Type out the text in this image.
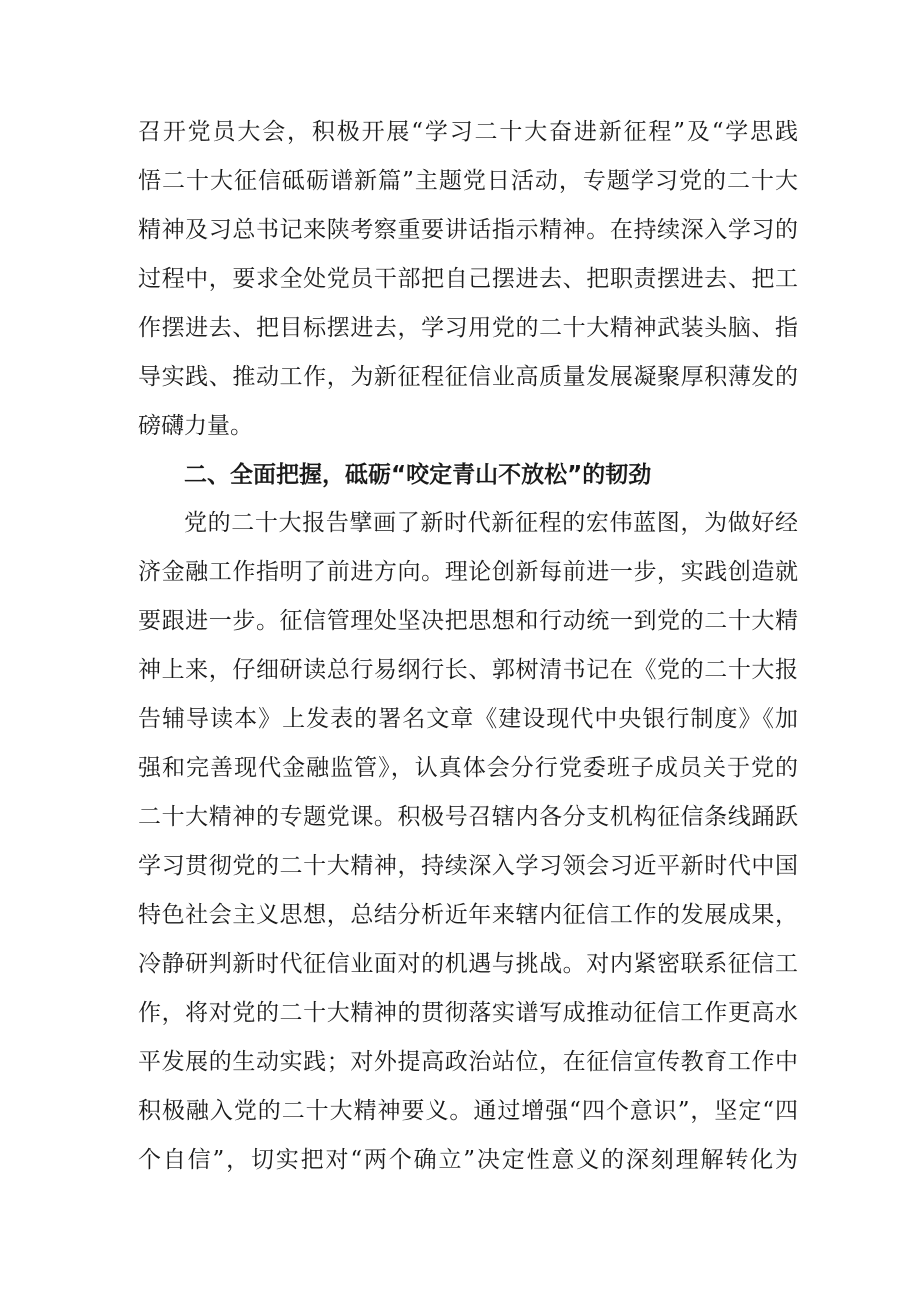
召开党员大会，积极开展“学习二十大奋进新征程”及“学思践
悟二十大征信砥砺谱新篇”主题党日活动，专题学习党的二十大
精神及习总书记来陕考察重要讲话指示精神。在持续深入学习的
过程中，要求全处党员干部把自己摆进去、把职责摆进去、把工
作摆进去、把目标摆进去，学习用党的二十大精神武装头脑、指
导实践、推动工作，为新征程征信业高质量发展凝聚厚积薄发的
磅礴力量。
二、全面把握，砥砺“咬定青山不放松”的韧劲
党的二十大报告擘画了新时代新征程的宏伟蓝图，为做好经
济金融工作指明了前进方向。理论创新每前进一步，实践创造就
要跟进一步。征信管理处坚决把思想和行动统一到党的二十大精
神上来，仔细研读总行易纲行长、郭树清书记在《党的二十大报
告辅导读本》上发表的署名文章《建设现代中央银行制度》《加
强和完善现代金融监管》，认真体会分行党委班子成员关于党的
二十大精神的专题党课。积极号召辖内各分支机构征信条线踊跃
学习贯彻党的二十大精神，持续深入学习领会习近平新时代中国
特色社会主义思想，总结分析近年来辖内征信工作的发展成果，
冷静研判新时代征信业面对的机遇与挑战。对内紧密联系征信工
作，将对党的二十大精神的贯彻落实谱写成推动征信工作更高水
平发展的生动实践；对外提高政治站位，在征信宣传教育工作中
积极融入党的二十大精神要义。通过增强“四个意识”，坚定“四
个自信”，切实把对“两个确立”决定性意义的深刻理解转化为
